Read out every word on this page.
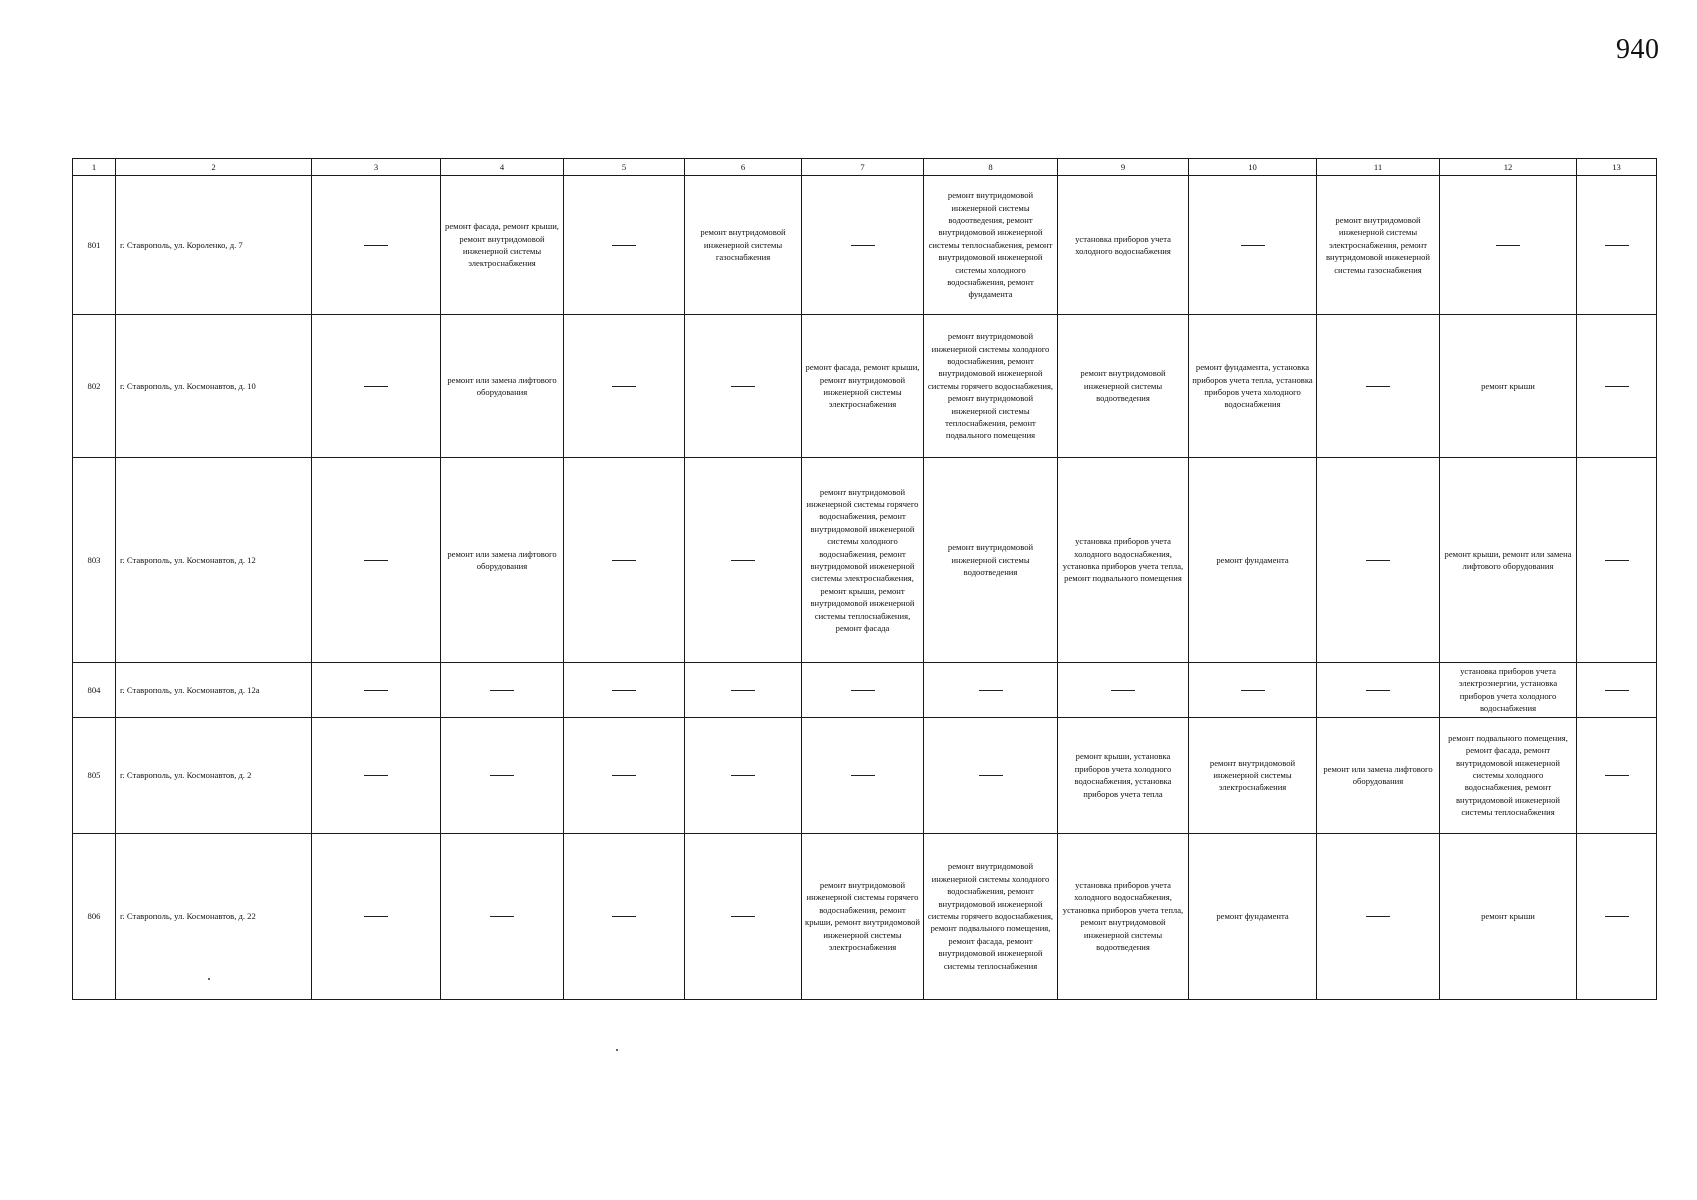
940
1	2	3	4	5	6	7	8	9	10	11	12	13
801	г. Ставрополь, ул. Короленко, д. 7		ремонт фасада, ремонт крыши, ремонт внутридомовой инженерной системы электроснабжения		ремонт внутридомовой инженерной системы газоснабжения		ремонт внутридомовой инженерной системы водоотведения, ремонт внутридомовой инженерной системы теплоснабжения, ремонт внутридомовой инженерной системы холодного водоснабжения, ремонт фундамента	установка приборов учета холодного водоснабжения		ремонт внутридомовой инженерной системы электроснабжения, ремонт внутридомовой инженерной системы газоснабжения		
802	г. Ставрополь, ул. Космонавтов, д. 10		ремонт или замена лифтового оборудования			ремонт фасада, ремонт крыши, ремонт внутридомовой инженерной системы электроснабжения	ремонт внутридомовой инженерной системы холодного водоснабжения, ремонт внутридомовой инженерной системы горячего водоснабжения, ремонт внутридомовой инженерной системы теплоснабжения, ремонт подвального помещения	ремонт внутридомовой инженерной системы водоотведения	ремонт фундамента, установка приборов учета тепла, установка приборов учета холодного водоснабжения		ремонт крыши	
803	г. Ставрополь, ул. Космонавтов, д. 12		ремонт или замена лифтового оборудования			ремонт внутридомовой инженерной системы горячего водоснабжения, ремонт внутридомовой инженерной системы холодного водоснабжения, ремонт внутридомовой инженерной системы электроснабжения, ремонт крыши, ремонт внутридомовой инженерной системы теплоснабжения, ремонт фасада	ремонт внутридомовой инженерной системы водоотведения	установка приборов учета холодного водоснабжения, установка приборов учета тепла, ремонт подвального помещения	ремонт фундамента		ремонт крыши, ремонт или замена лифтового оборудования	
804	г. Ставрополь, ул. Космонавтов, д. 12а										установка приборов учета электроэнергии, установка приборов учета холодного водоснабжения	
805	г. Ставрополь, ул. Космонавтов, д. 2							ремонт крыши, установка приборов учета холодного водоснабжения, установка приборов учета тепла	ремонт внутридомовой инженерной системы электроснабжения	ремонт или замена лифтового оборудования	ремонт подвального помещения, ремонт фасада, ремонт внутридомовой инженерной системы холодного водоснабжения, ремонт внутридомовой инженерной системы теплоснабжения	
806	г. Ставрополь, ул. Космонавтов, д. 22					ремонт внутридомовой инженерной системы горячего водоснабжения, ремонт крыши, ремонт внутридомовой инженерной системы электроснабжения	ремонт внутридомовой инженерной системы холодного водоснабжения, ремонт внутридомовой инженерной системы горячего водоснабжения, ремонт подвального помещения, ремонт фасада, ремонт внутридомовой инженерной системы теплоснабжения	установка приборов учета холодного водоснабжения, установка приборов учета тепла, ремонт внутридомовой инженерной системы водоотведения	ремонт фундамента		ремонт крыши	
